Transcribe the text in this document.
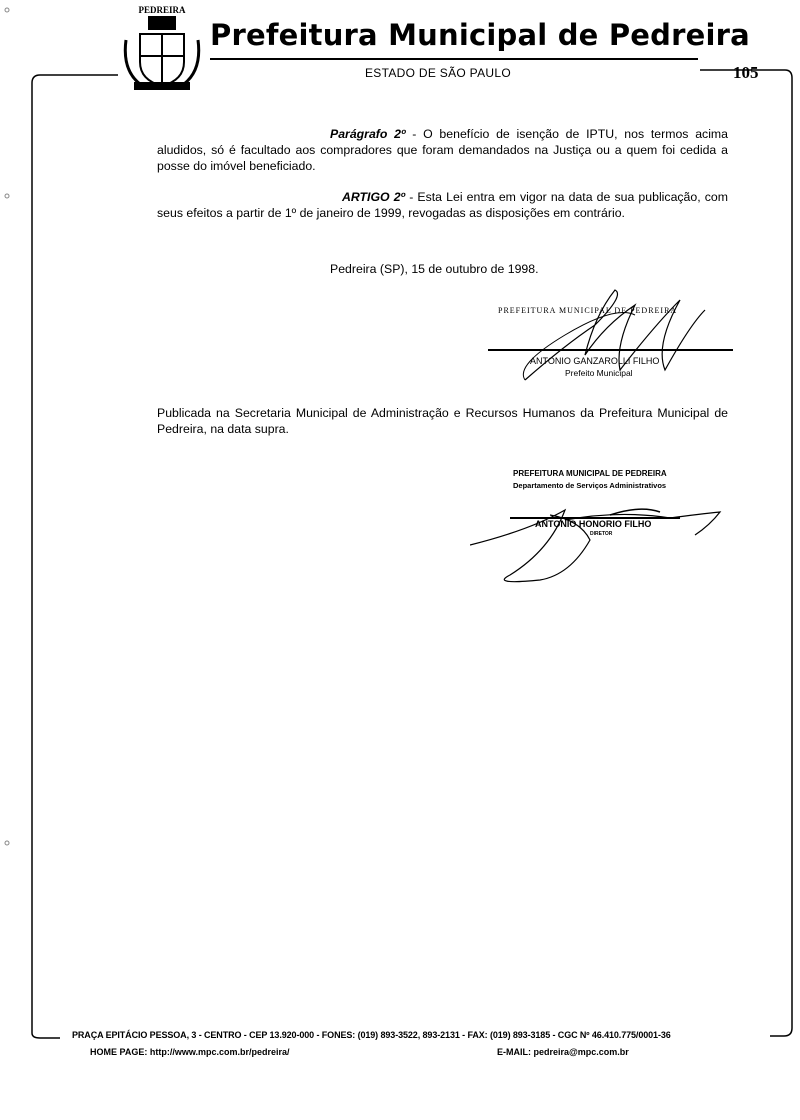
PEDREIRA
Prefeitura Municipal de Pedreira
ESTADO DE SÃO PAULO	105
Parágrafo 2º - O benefício de isenção de IPTU, nos termos acima aludidos, só é facultado aos compradores que foram demandados na Justiça ou a quem foi cedida a posse do imóvel beneficiado.
ARTIGO 2º - Esta Lei entra em vigor na data de sua publicação, com seus efeitos a partir de 1º de janeiro de 1999, revogadas as disposições em contrário.
Pedreira (SP), 15 de outubro de 1998.
PREFEITURA MUNICIPAL DE PEDREIRA
ANTONIO GANZAROLLI FILHO
Prefeito Municipal
Publicada na Secretaria Municipal de Administração e Recursos Humanos da Prefeitura Municipal de Pedreira, na data supra.
PREFEITURA MUNICIPAL DE PEDREIRA
Departamento de Serviços Administrativos
ANTONIO HONORIO FILHO
DIRETOR
PRAÇA EPITÁCIO PESSOA, 3 - CENTRO - CEP 13.920-000 - FONES: (019) 893-3522, 893-2131 - FAX: (019) 893-3185 - CGC Nº 46.410.775/0001-36
HOME PAGE: http://www.mpc.com.br/pedreira/	E-MAIL: pedreira@mpc.com.br
